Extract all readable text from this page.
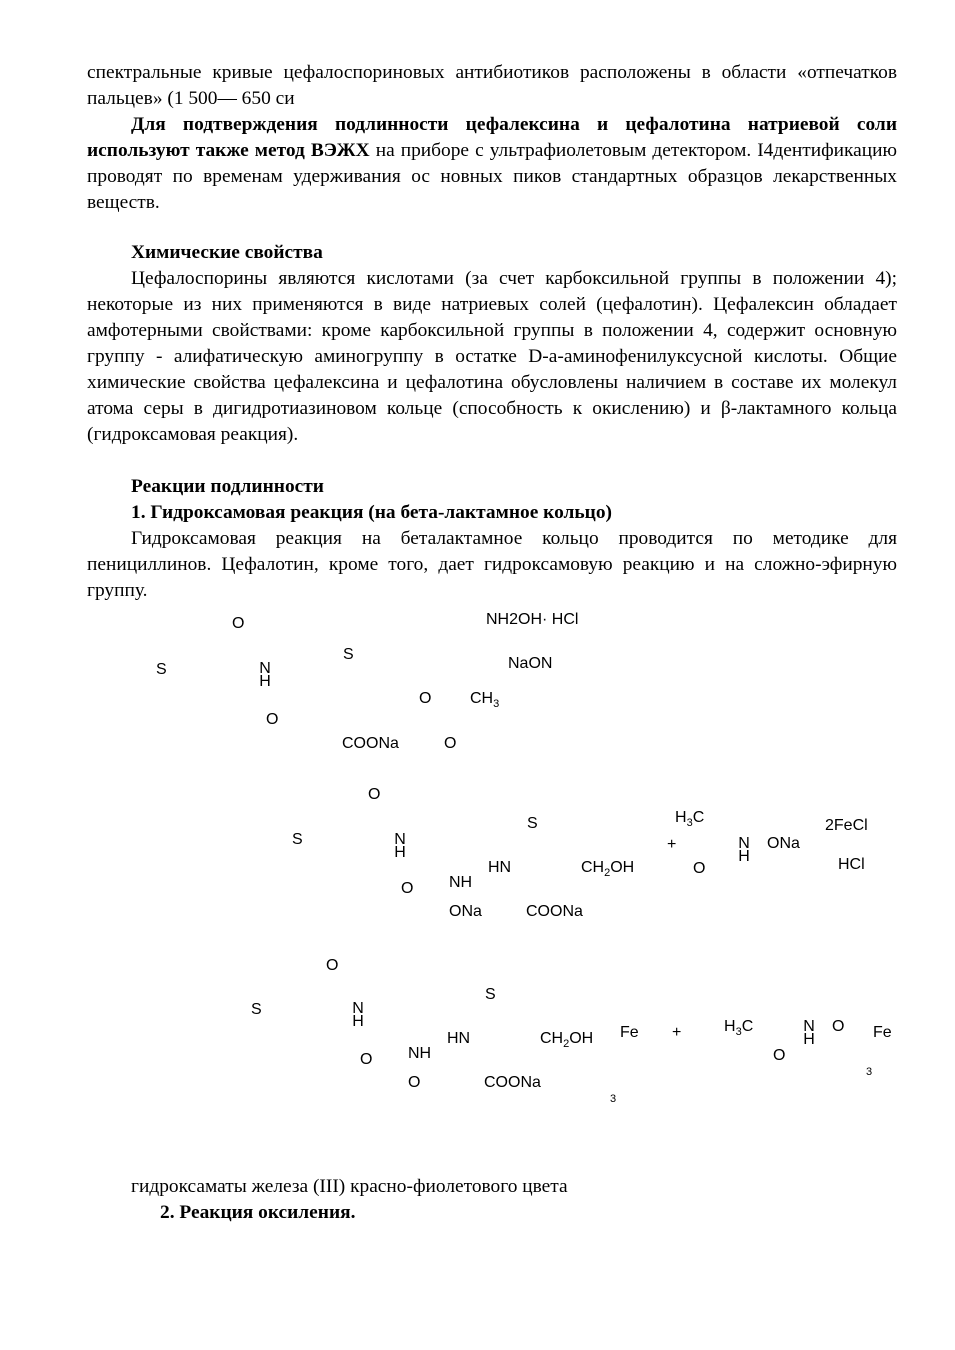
спектральные кривые цефалоспориновых антибиотиков расположены в области «отпечатков пальцев» (1 500— 650 си

Для подтверждения подлинности цефалексина и цефалотина натриевой соли используют также метод ВЭЖХ на приборе с ультрафиолетовым детектором. I4дентификацию проводят по временам удерживания ос новных пиков стандартных образцов лекарственных веществ.

Химические свойства

Цефалоспорины являются кислотами (за счет карбоксильной группы в положении 4); некоторые из них применяются в виде натриевых солей (цефалотин). Цефалексин обладает амфотерными свойствами: кроме карбоксильной группы в положении 4, содержит основную группу - алифатическую аминогруппу в остатке D-а-аминофенилуксусной кислоты. Общие химические свойства цефалексина и цефалотина обусловлены наличием в составе их молекул атома серы в дигидротиазиновом кольце (способность к окислению) и β-лактамного кольца (гидроксамовая реакция).

Реакции подлинности

1. Гидроксамовая реакция (на бета-лактамное кольцо)

Гидроксамовая реакция на беталактамное кольцо проводится по методике для пенициллинов. Цефалотин, кроме того, дает гидроксамовую реакцию и на сложно-эфирную группу.

O	NH2OH· HCl
S	N
H
S
NaON
O $CH_3$
O
COONa	O
O
S	N
H
S	$H_3C$
+	N
H
ONa
2FeCl
HCl
HN	$CH_2OH$	O
O NH
ONa	COONa
O
S
S	N
H
HN	$CH_2OH$ Fe +	$H_3C$	N
H
O Fe
O NH	O
3
O	COONa
3

гидроксаматы железа (III) красно-фиолетового цвета

2. Реакция оксиления.
